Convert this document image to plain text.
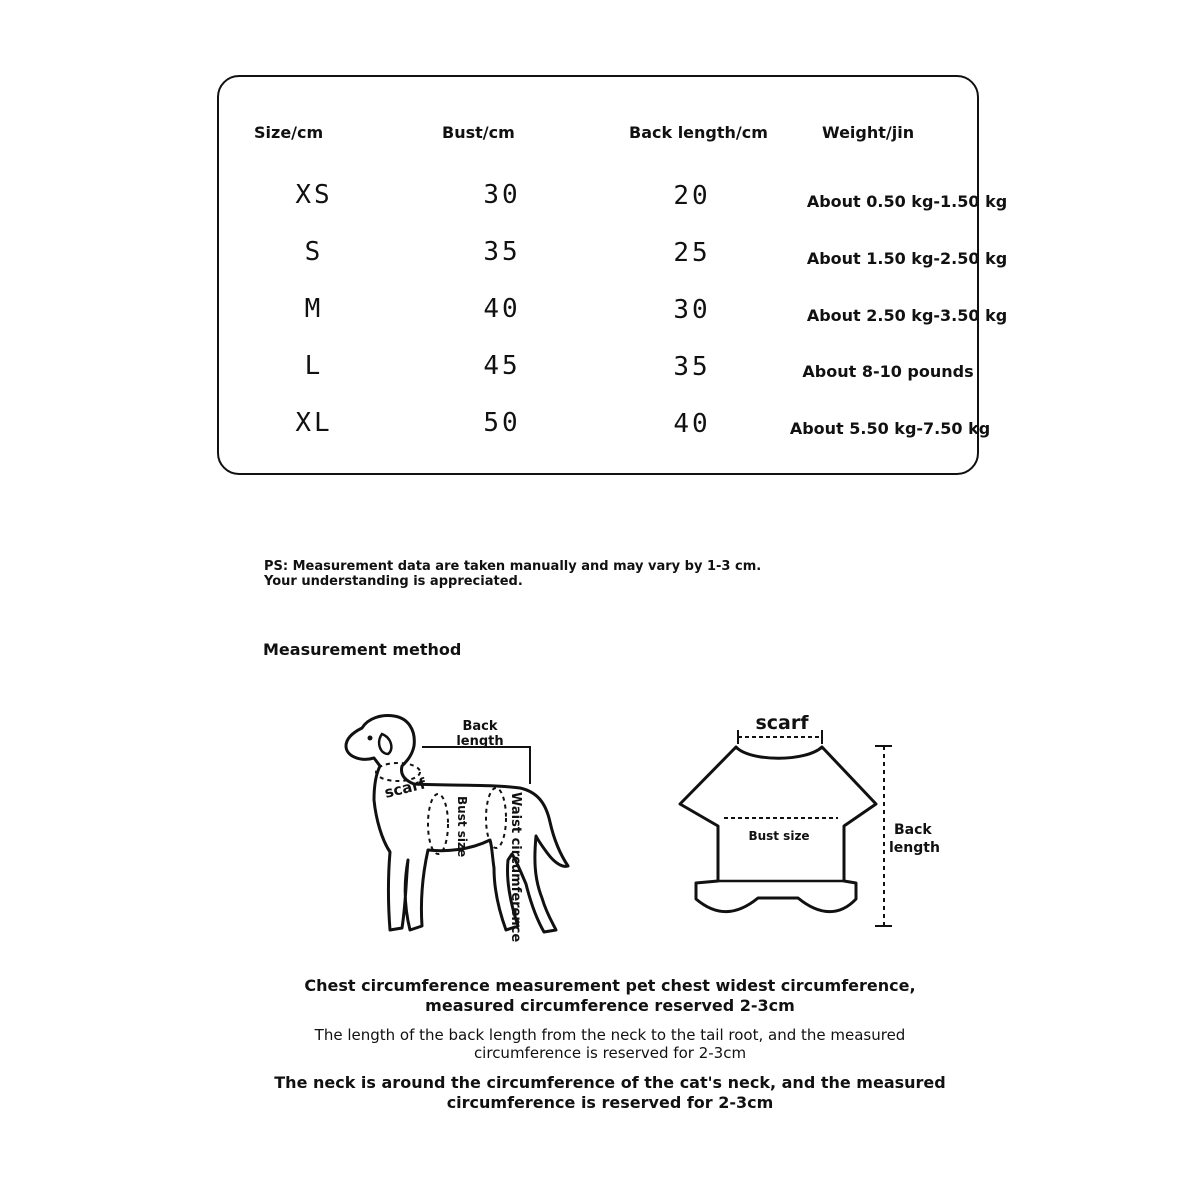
Size/cm	Bust/cm	Back length/cm	Weight/jin
XS	30	20	About 0.50 kg-1.50 kg
S	35	25	About 1.50 kg-2.50 kg
M	40	30	About 2.50 kg-3.50 kg
L	45	35	About 8-10 pounds
XL	50	40	About 5.50 kg-7.50 kg

PS: Measurement data are taken manually and may vary by 1-3 cm. Your understanding is appreciated.

Measurement method

Back
length
scarf
Bust size	Waist circumference
scarf
Bust size	Back
length

Chest circumference measurement pet chest widest circumference, measured circumference reserved 2-3cm

The length of the back length from the neck to the tail root, and the measured circumference is reserved for 2-3cm

The neck is around the circumference of the cat's neck, and the measured circumference is reserved for 2-3cm
